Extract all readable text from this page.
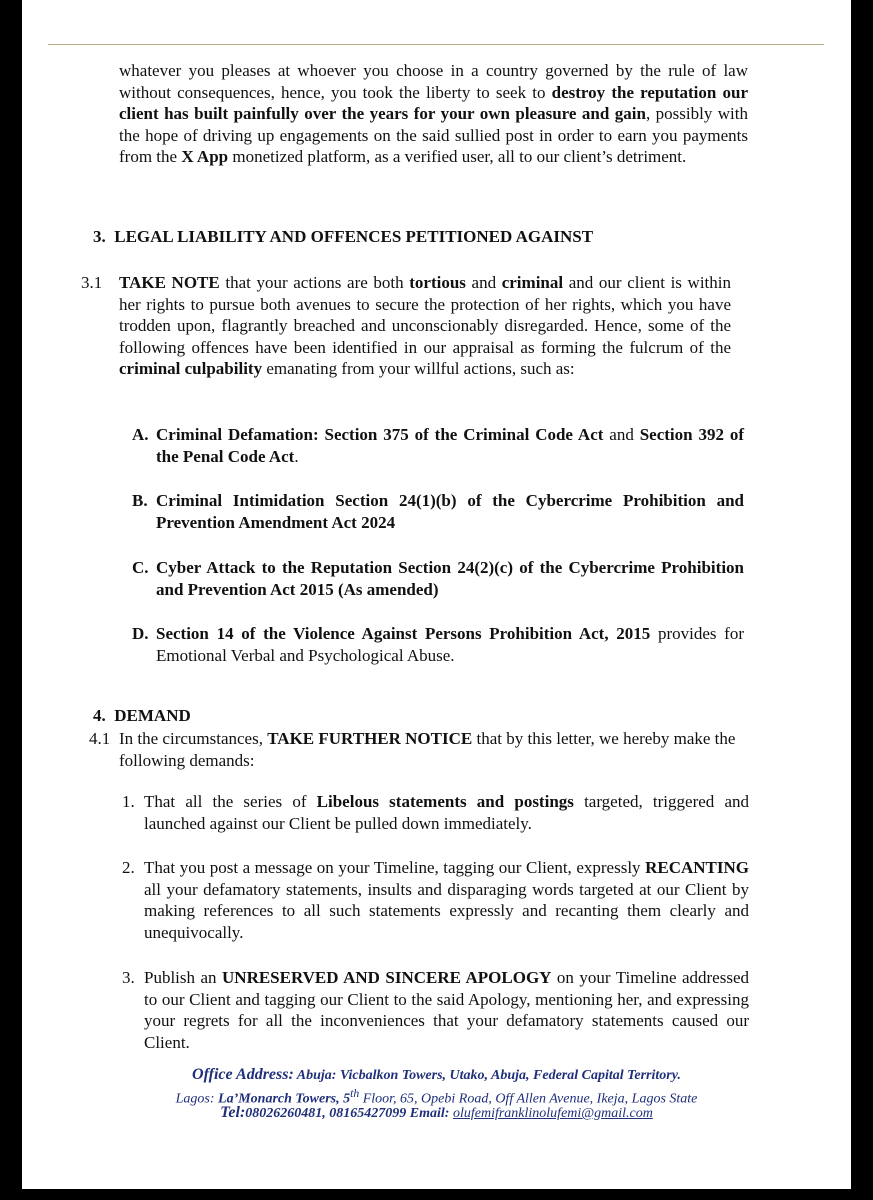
whatever you pleases at whoever you choose in a country governed by the rule of law without consequences, hence, you took the liberty to seek to destroy the reputation our client has built painfully over the years for your own pleasure and gain, possibly with the hope of driving up engagements on the said sullied post in order to earn you payments from the X App monetized platform, as a verified user, all to our client’s detriment.
3. LEGAL LIABILITY AND OFFENCES PETITIONED AGAINST
3.1 TAKE NOTE that your actions are both tortious and criminal and our client is within her rights to pursue both avenues to secure the protection of her rights, which you have trodden upon, flagrantly breached and unconscionably disregarded. Hence, some of the following offences have been identified in our appraisal as forming the fulcrum of the criminal culpability emanating from your willful actions, such as:
A. Criminal Defamation: Section 375 of the Criminal Code Act and Section 392 of the Penal Code Act.
B. Criminal Intimidation Section 24(1)(b) of the Cybercrime Prohibition and Prevention Amendment Act 2024
C. Cyber Attack to the Reputation Section 24(2)(c) of the Cybercrime Prohibition and Prevention Act 2015 (As amended)
D. Section 14 of the Violence Against Persons Prohibition Act, 2015 provides for Emotional Verbal and Psychological Abuse.
4. DEMAND
4.1 In the circumstances, TAKE FURTHER NOTICE that by this letter, we hereby make the following demands:
1. That all the series of Libelous statements and postings targeted, triggered and launched against our Client be pulled down immediately.
2. That you post a message on your Timeline, tagging our Client, expressly RECANTING all your defamatory statements, insults and disparaging words targeted at our Client by making references to all such statements expressly and recanting them clearly and unequivocally.
3. Publish an UNRESERVED AND SINCERE APOLOGY on your Timeline addressed to our Client and tagging our Client to the said Apology, mentioning her, and expressing your regrets for all the inconveniences that your defamatory statements caused our Client.
Office Address: Abuja: Vicbalkon Towers, Utako, Abuja, Federal Capital Territory.
Lagos: La’Monarch Towers, 5th Floor, 65, Opebi Road, Off Allen Avenue, Ikeja, Lagos State
Tel:08026260481, 08165427099 Email: olufemifranklinolufemi@gmail.com
